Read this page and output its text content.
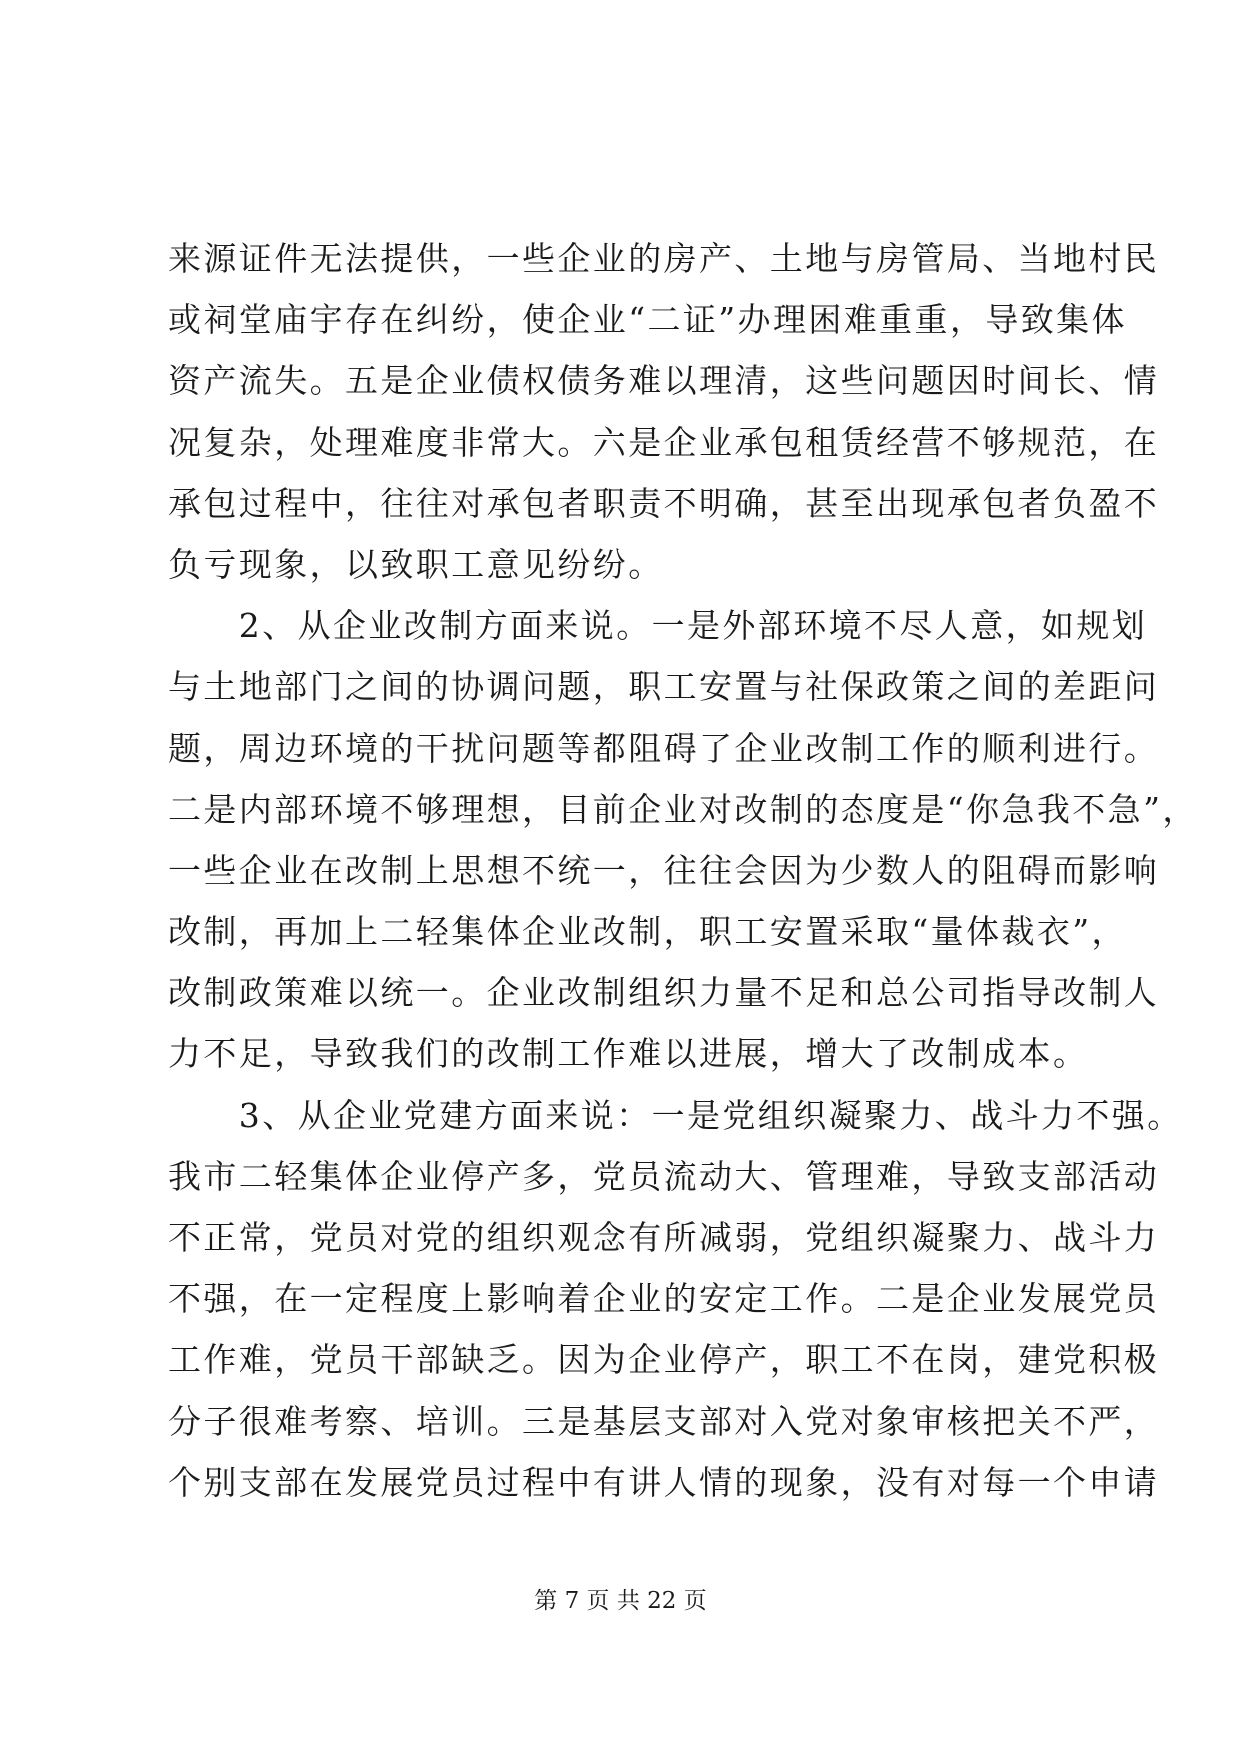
来源证件无法提供，一些企业的房产、土地与房管局、当地村民
或祠堂庙宇存在纠纷，使企业“二证”办理困难重重，导致集体
资产流失。五是企业债权债务难以理清，这些问题因时间长、情
况复杂，处理难度非常大。六是企业承包租赁经营不够规范，在
承包过程中，往往对承包者职责不明确，甚至出现承包者负盈不
负亏现象，以致职工意见纷纷。
　　2、从企业改制方面来说。一是外部环境不尽人意，如规划
与土地部门之间的协调问题，职工安置与社保政策之间的差距问
题，周边环境的干扰问题等都阻碍了企业改制工作的顺利进行。
二是内部环境不够理想，目前企业对改制的态度是“你急我不急”，
一些企业在改制上思想不统一，往往会因为少数人的阻碍而影响
改制，再加上二轻集体企业改制，职工安置采取“量体裁衣”，
改制政策难以统一。企业改制组织力量不足和总公司指导改制人
力不足，导致我们的改制工作难以进展，增大了改制成本。
　　3、从企业党建方面来说：一是党组织凝聚力、战斗力不强。
我市二轻集体企业停产多，党员流动大、管理难，导致支部活动
不正常，党员对党的组织观念有所减弱，党组织凝聚力、战斗力
不强，在一定程度上影响着企业的安定工作。二是企业发展党员
工作难，党员干部缺乏。因为企业停产，职工不在岗，建党积极
分子很难考察、培训。三是基层支部对入党对象审核把关不严，
个别支部在发展党员过程中有讲人情的现象，没有对每一个申请
第 7 页 共 22 页
